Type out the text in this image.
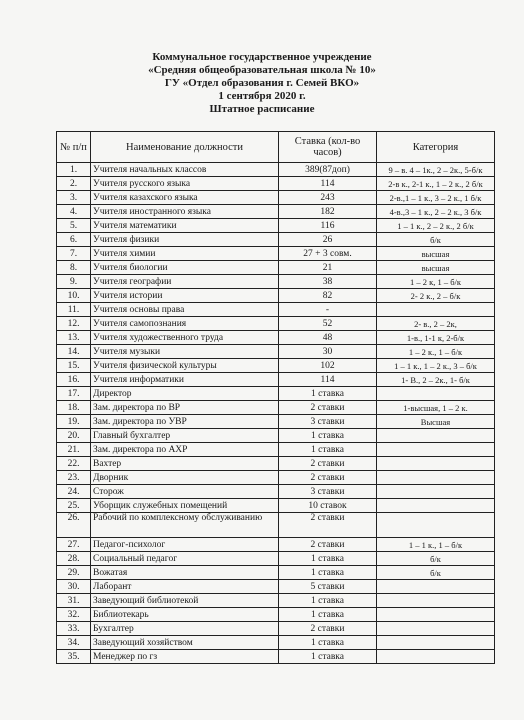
Коммунальное государственное учреждение
«Средняя общеобразовательная школа № 10»
ГУ «Отдел образования г. Семей ВКО»
1 сентября 2020 г.
Штатное расписание
№ п/п	Наименование должности	Ставка (кол-во часов)	Категория
1.	Учителя начальных классов	389(87доп)	9 – в. 4 – 1к., 2 – 2к., 5-б/к
2.	Учителя русского языка	114	2-в к., 2-1 к., 1 – 2 к., 2 б/к
3.	Учителя казахского языка	243	2-в.,1 – 1 к., 3 – 2 к., 1 б/к
4.	Учителя иностранного языка	182	4-в.,3 – 1 к., 2 – 2 к., 3 б/к
5.	Учителя математики	116	1 – 1 к., 2 – 2 к., 2 б/к
6.	Учителя физики	26	б/к
7.	Учителя химии	27 + 3 совм.	высшая
8.	Учителя биологии	21	высшая
9.	Учителя географии	38	1 – 2 к, 1 – б/к
10.	Учителя истории	82	2- 2 к., 2 – б/к
11.	Учителя основы права	-	
12.	Учителя самопознания	52	2- в., 2 – 2к,
13.	Учителя художественного труда	48	1-в., 1-1 к, 2-б/к
14.	Учителя музыки	30	1 – 2 к., 1 – б/к
15.	Учителя физической культуры	102	1 – 1 к., 1 – 2 к., 3 – б/к
16.	Учителя информатики	114	1- В., 2 – 2к., 1- б/к
17.	Директор	1 ставка	
18.	Зам. директора по ВР	2 ставки	1-высшая, 1 – 2 к.
19.	Зам. директора по УВР	3 ставки	Высшая
20.	Главный бухгалтер	1 ставка	
21.	Зам. директора по АХР	1 ставка	
22.	Вахтер	2 ставки	
23.	Дворник	2 ставки	
24.	Сторож	3 ставки	
25.	Уборщик служебных помещений	10 ставок	
26.	Рабочий по комплексному обслуживанию	2 ставки	
27.	Педагог-психолог	2 ставки	1 – 1 к., 1 – б/к
28.	Социальный педагог	1 ставка	б/к
29.	Вожатая	1 ставка	б/к
30.	Лаборант	5 ставки	
31.	Заведующий библиотекой	1 ставка	
32.	Библиотекарь	1 ставка	
33.	Бухгалтер	2 ставки	
34.	Заведующий хозяйством	1 ставка	
35.	Менеджер по гз	1 ставка	
